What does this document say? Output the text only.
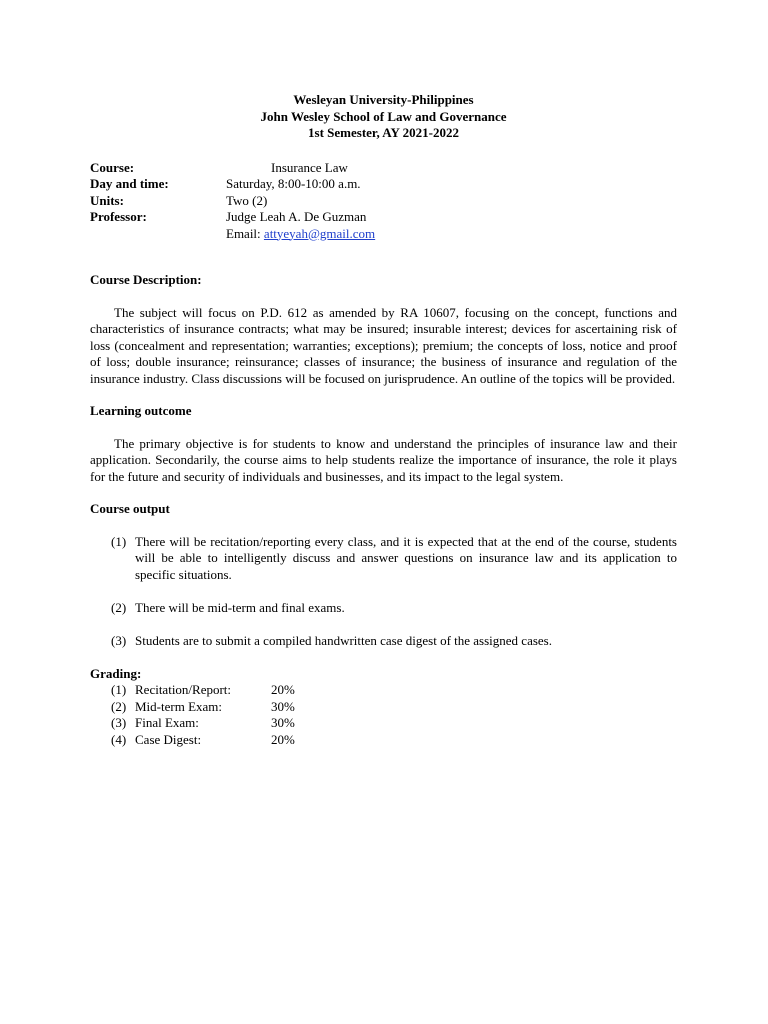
Wesleyan University-Philippines
John Wesley School of Law and Governance
1st Semester, AY 2021-2022
Course:	Insurance Law
Day and time:	Saturday, 8:00-10:00 a.m.
Units:	Two (2)
Professor:	Judge Leah A. De Guzman
Email: attyeyah@gmail.com
Course Description:
The subject will focus on P.D. 612 as amended by RA 10607, focusing on the concept, functions and characteristics of insurance contracts; what may be insured; insurable interest; devices for ascertaining risk of loss (concealment and representation; warranties; exceptions); premium; the concepts of loss, notice and proof of loss; double insurance; reinsurance; classes of insurance; the business of insurance and regulation of the insurance industry. Class discussions will be focused on jurisprudence. An outline of the topics will be provided.
Learning outcome
The primary objective is for students to know and understand the principles of insurance law and their application. Secondarily, the course aims to help students realize the importance of insurance, the role it plays for the future and security of individuals and businesses, and its impact to the legal system.
Course output
(1) There will be recitation/reporting every class, and it is expected that at the end of the course, students will be able to intelligently discuss and answer questions on insurance law and its application to specific situations.
(2) There will be mid-term and final exams.
(3) Students are to submit a compiled handwritten case digest of the assigned cases.
Grading:
(1) Recitation/Report:	20%
(2) Mid-term Exam:	30%
(3) Final Exam:	30%
(4) Case Digest:	20%
